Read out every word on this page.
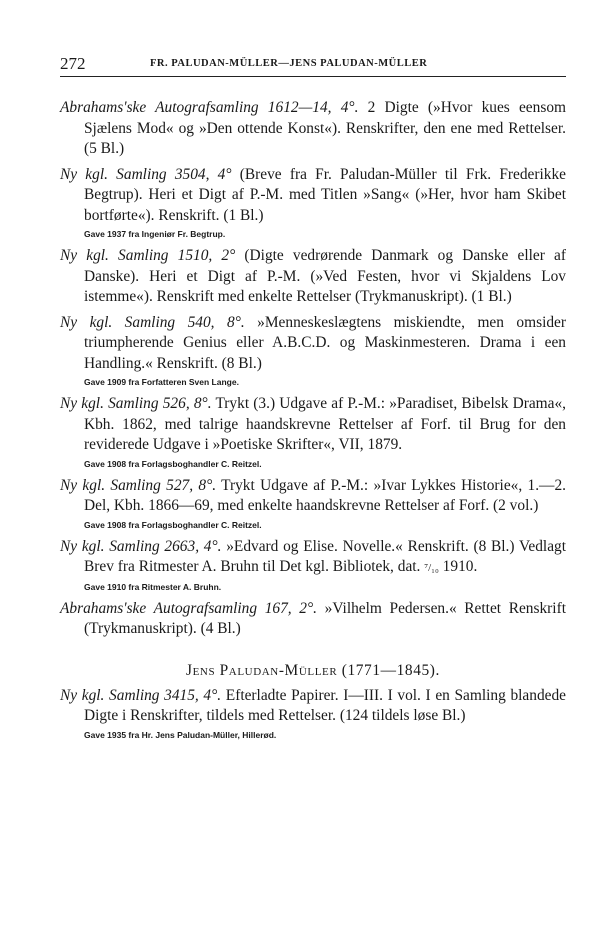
272	FR. PALUDAN-MÜLLER—JENS PALUDAN-MÜLLER

Abrahams'ske Autografsamling 1612—14, 4°. 2 Digte (»Hvor kues eensom Sjælens Mod« og »Den ottende Konst«). Renskrifter, den ene med Rettelser. (5 Bl.)

Ny kgl. Samling 3504, 4° (Breve fra Fr. Paludan-Müller til Frk. Frederikke Begtrup). Heri et Digt af P.-M. med Titlen »Sang« (»Her, hvor ham Skibet bortførte«). Renskrift. (1 Bl.)
Gave 1937 fra Ingeniør Fr. Begtrup.

Ny kgl. Samling 1510, 2° (Digte vedrørende Danmark og Danske eller af Danske). Heri et Digt af P.-M. (»Ved Festen, hvor vi Skjaldens Lov istemme«). Renskrift med enkelte Rettelser (Trykmanuskript). (1 Bl.)

Ny kgl. Samling 540, 8°. »Menneskeslægtens miskiendte, men omsider triumpherende Genius eller A.B.C.D. og Maskinmesteren. Drama i een Handling.« Renskrift. (8 Bl.)
Gave 1909 fra Forfatteren Sven Lange.

Ny kgl. Samling 526, 8°. Trykt (3.) Udgave af P.-M.: »Paradiset, Bibelsk Drama«, Kbh. 1862, med talrige haandskrevne Rettelser af Forf. til Brug for den reviderede Udgave i »Poetiske Skrifter«, VII, 1879.
Gave 1908 fra Forlagsboghandler C. Reitzel.

Ny kgl. Samling 527, 8°. Trykt Udgave af P.-M.: »Ivar Lykkes Historie«, 1.—2. Del, Kbh. 1866—69, med enkelte haandskrevne Rettelser af Forf. (2 vol.)
Gave 1908 fra Forlagsboghandler C. Reitzel.

Ny kgl. Samling 2663, 4°. »Edvard og Elise. Novelle.« Renskrift. (8 Bl.) Vedlagt Brev fra Ritmester A. Bruhn til Det kgl. Bibliotek, dat. ⁷/₁₀ 1910.
Gave 1910 fra Ritmester A. Bruhn.

Abrahams'ske Autografsamling 167, 2°. »Vilhelm Pedersen.« Rettet Renskrift (Trykmanuskript). (4 Bl.)

Jens Paludan-Müller (1771—1845).

Ny kgl. Samling 3415, 4°. Efterladte Papirer. I—III. I vol. I en Samling blandede Digte i Renskrifter, tildels med Rettelser. (124 tildels løse Bl.)
Gave 1935 fra Hr. Jens Paludan-Müller, Hillerød.
